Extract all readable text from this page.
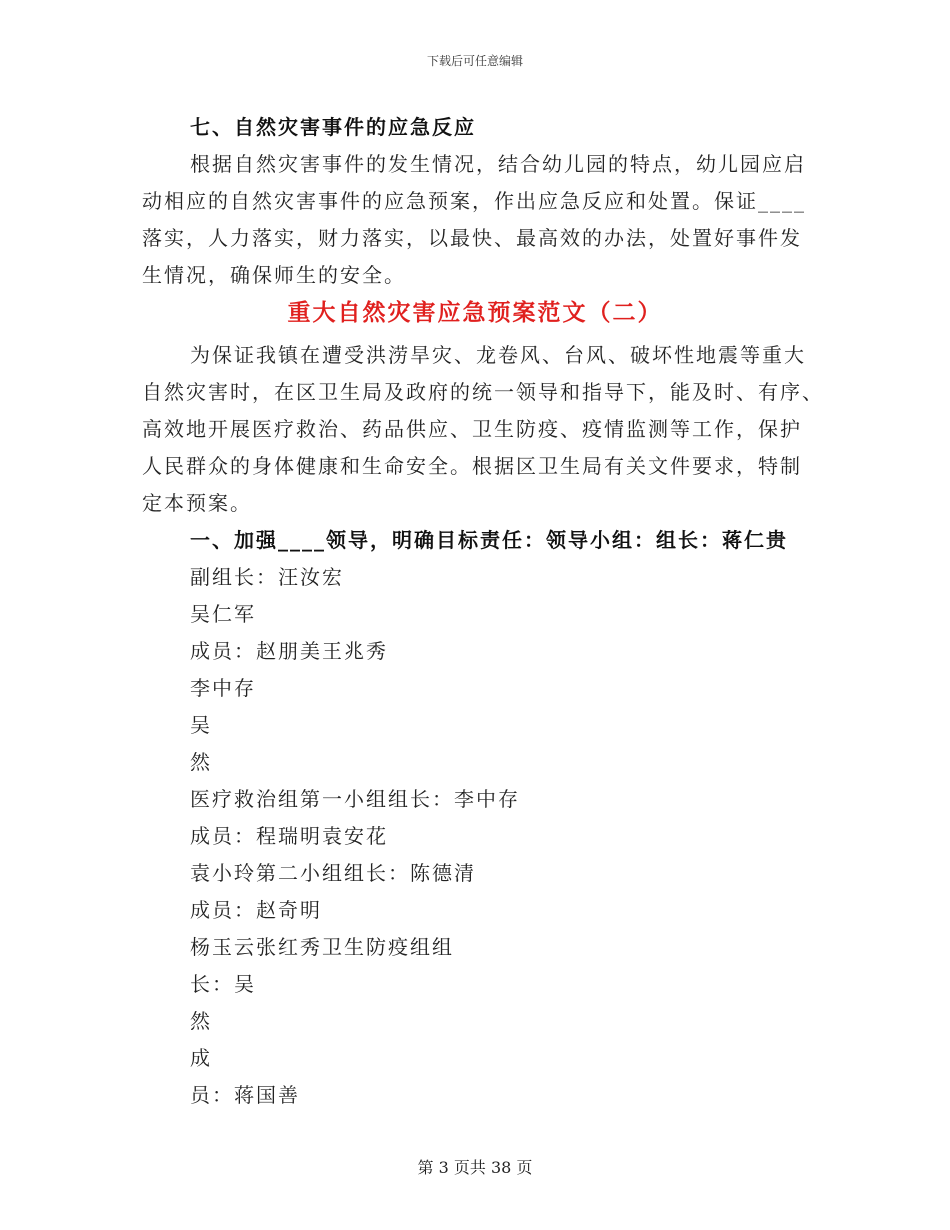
下载后可任意编辑
七、自然灾害事件的应急反应
根据自然灾害事件的发生情况，结合幼儿园的特点，幼儿园应启
动相应的自然灾害事件的应急预案，作出应急反应和处置。保证____
落实，人力落实，财力落实，以最快、最高效的办法，处置好事件发
生情况，确保师生的安全。
重大自然灾害应急预案范文（二）
为保证我镇在遭受洪涝旱灾、龙卷风、台风、破坏性地震等重大
自然灾害时，在区卫生局及政府的统一领导和指导下，能及时、有序、
高效地开展医疗救治、药品供应、卫生防疫、疫情监测等工作，保护
人民群众的身体健康和生命安全。根据区卫生局有关文件要求，特制
定本预案。
一、加强____领导，明确目标责任：领导小组：组长：蒋仁贵
副组长：汪汝宏
吴仁军
成员：赵朋美王兆秀
李中存
吴
然
医疗救治组第一小组组长：李中存
成员：程瑞明袁安花
袁小玲第二小组组长：陈德清
成员：赵奇明
杨玉云张红秀卫生防疫组组
长：吴
然
成
员：蒋国善
第 3 页共 38 页
